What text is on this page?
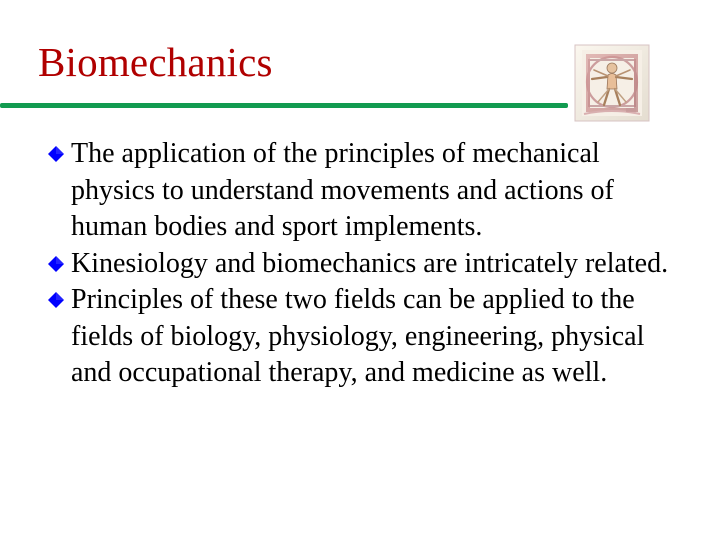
Biomechanics
The application of the principles of mechanical physics to understand movements and actions of human bodies and sport implements.
Kinesiology and biomechanics are intricately related.
Principles of these two fields can be applied to the fields of biology, physiology, engineering, physical and occupational therapy, and medicine as well.
